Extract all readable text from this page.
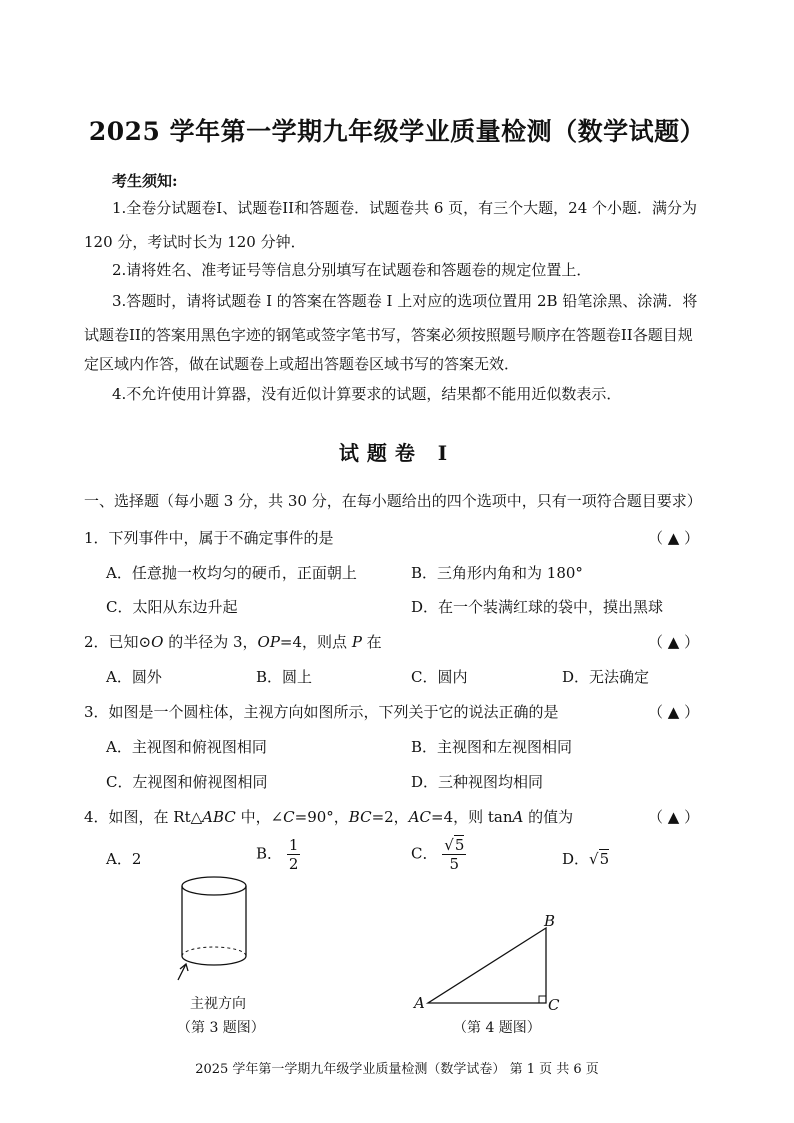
2025 学年第一学期九年级学业质量检测（数学试题）
考生须知:
1.全卷分试题卷I、试题卷II和答题卷．试题卷共 6 页，有三个大题，24 个小题．满分为
120 分，考试时长为 120 分钟．
2.请将姓名、准考证号等信息分别填写在试题卷和答题卷的规定位置上．
3.答题时，请将试题卷 I 的答案在答题卷 I 上对应的选项位置用 2B 铅笔涂黑、涂满．将
试题卷II的答案用黑色字迹的钢笔或签字笔书写，答案必须按照题号顺序在答题卷II各题目规
定区域内作答，做在试题卷上或超出答题卷区域书写的答案无效．
4.不允许使用计算器，没有近似计算要求的试题，结果都不能用近似数表示．
试题卷 I
一、选择题（每小题 3 分，共 30 分，在每小题给出的四个选项中，只有一项符合题目要求）
1．下列事件中，属于不确定事件的是	（ ▲ ）
A．任意抛一枚均匀的硬币，正面朝上	B．三角形内角和为 180°
C．太阳从东边升起	D．在一个装满红球的袋中，摸出黑球
2．已知⊙O 的半径为 3，OP=4，则点 P 在	（ ▲ ）
A．圆外	B．圆上	C．圆内	D．无法确定
3．如图是一个圆柱体，主视方向如图所示，下列关于它的说法正确的是	（ ▲ ）
A．主视图和俯视图相同	B．主视图和左视图相同
C．左视图和俯视图相同	D．三种视图均相同
4．如图，在 Rt△ABC 中，∠C=90°，BC=2，AC=4，则 tanA 的值为	（ ▲ ）
A．2	B． $\frac{1}{2}$	C． $\frac{√5}{5}$	D．√5
主视方向
（第 3 题图）
A
B
C
（第 4 题图）
2025 学年第一学期九年级学业质量检测（数学试卷） 第 1 页 共 6 页
